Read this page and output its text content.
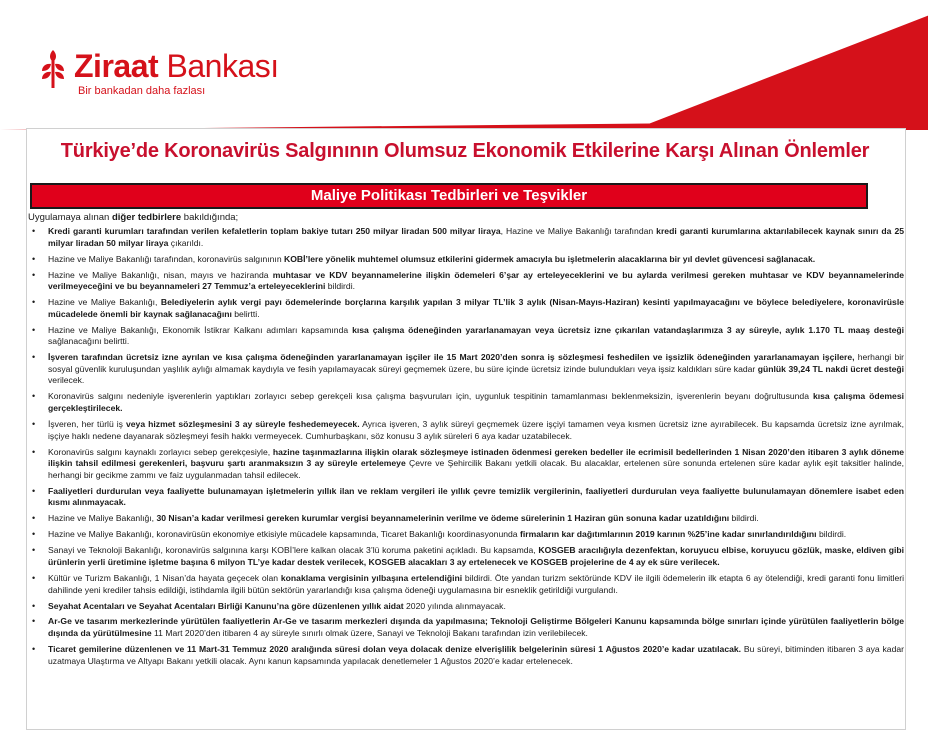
Ziraat Bankası
Bir bankadan daha fazlası
Türkiye’de Koronavirüs Salgınının Olumsuz Ekonomik Etkilerine Karşı Alınan Önlemler
Maliye Politikası Tedbirleri ve Teşvikler
Uygulamaya alınan diğer tedbirlere bakıldığında;
• Kredi garanti kurumları tarafından verilen kefaletlerin toplam bakiye tutarı 250 milyar liradan 500 milyar liraya, Hazine ve Maliye Bakanlığı tarafından kredi garanti kurumlarına aktarılabilecek kaynak sınırı da 25 milyar liradan 50 milyar liraya çıkarıldı.
• Hazine ve Maliye Bakanlığı tarafından, koronavirüs salgınının KOBİ’lere yönelik muhtemel olumsuz etkilerini gidermek amacıyla bu işletmelerin alacaklarına bir yıl devlet güvencesi sağlanacak.
• Hazine ve Maliye Bakanlığı, nisan, mayıs ve haziranda muhtasar ve KDV beyannamelerine ilişkin ödemeleri 6’şar ay erteleyeceklerini ve bu aylarda verilmesi gereken muhtasar ve KDV beyannamelerinde verilmeyeceğini ve bu beyannameleri 27 Temmuz’a erteleyeceklerini bildirdi.
• Hazine ve Maliye Bakanlığı, Belediyelerin aylık vergi payı ödemelerinde borçlarına karşılık yapılan 3 milyar TL’lik 3 aylık (Nisan-Mayıs-Haziran) kesinti yapılmayacağını ve böylece belediyelere, koronavirüsle mücadelede önemli bir kaynak sağlanacağını belirtti.
• Hazine ve Maliye Bakanlığı, Ekonomik İstikrar Kalkanı adımları kapsamında kısa çalışma ödeneğinden yararlanamayan veya ücretsiz izne çıkarılan vatandaşlarımıza 3 ay süreyle, aylık 1.170 TL maaş desteği sağlanacağını belirtti.
• İşveren tarafından ücretsiz izne ayrılan ve kısa çalışma ödeneğinden yararlanamayan işçiler ile 15 Mart 2020’den sonra iş sözleşmesi feshedilen ve işsizlik ödeneğinden yararlanamayan işçilere, herhangi bir sosyal güvenlik kuruluşundan yaşlılık aylığı almamak kaydıyla ve fesih yapılamayacak süreyi geçmemek üzere, bu süre içinde ücretsiz izinde bulundukları veya işsiz kaldıkları süre kadar günlük 39,24 TL nakdi ücret desteği verilecek.
• Koronavirüs salgını nedeniyle işverenlerin yaptıkları zorlayıcı sebep gerekçeli kısa çalışma başvuruları için, uygunluk tespitinin tamamlanması beklenmeksizin, işverenlerin beyanı doğrultusunda kısa çalışma ödemesi gerçekleştirilecek.
• İşveren, her türlü iş veya hizmet sözleşmesini 3 ay süreyle feshedemeyecek. Ayrıca işveren, 3 aylık süreyi geçmemek üzere işçiyi tamamen veya kısmen ücretsiz izne ayırabilecek. Bu kapsamda ücretsiz izne ayrılmak, işçiye haklı nedene dayanarak sözleşmeyi fesih hakkı vermeyecek. Cumhurbaşkanı, söz konusu 3 aylık süreleri 6 aya kadar uzatabilecek.
• Koronavirüs salgını kaynaklı zorlayıcı sebep gerekçesiyle, hazine taşınmazlarına ilişkin olarak sözleşmeye istinaden ödenmesi gereken bedeller ile ecrimisil bedellerinden 1 Nisan 2020’den itibaren 3 aylık döneme ilişkin tahsil edilmesi gerekenleri, başvuru şartı aranmaksızın 3 ay süreyle ertelemeye Çevre ve Şehircilik Bakanı yetkili olacak. Bu alacaklar, ertelenen süre sonunda ertelenen süre kadar aylık eşit taksitler halinde, herhangi bir gecikme zammı ve faiz uygulanmadan tahsil edilecek.
• Faaliyetleri durdurulan veya faaliyette bulunamayan işletmelerin yıllık ilan ve reklam vergileri ile yıllık çevre temizlik vergilerinin, faaliyetleri durdurulan veya faaliyette bulunulamayan dönemlere isabet eden kısmı alınmayacak.
• Hazine ve Maliye Bakanlığı, 30 Nisan’a kadar verilmesi gereken kurumlar vergisi beyannamelerinin verilme ve ödeme sürelerinin 1 Haziran gün sonuna kadar uzatıldığını bildirdi.
• Hazine ve Maliye Bakanlığı, koronavirüsün ekonomiye etkisiyle mücadele kapsamında, Ticaret Bakanlığı koordinasyonunda firmaların kar dağıtımlarının 2019 karının %25’ine kadar sınırlandırıldığını bildirdi.
• Sanayi ve Teknoloji Bakanlığı, koronavirüs salgınına karşı KOBİ’lere kalkan olacak 3’lü koruma paketini açıkladı. Bu kapsamda, KOSGEB aracılığıyla dezenfektan, koruyucu elbise, koruyucu gözlük, maske, eldiven gibi ürünlerin yerli üretimine işletme başına 6 milyon TL’ye kadar destek verilecek, KOSGEB alacakları 3 ay ertelenecek ve KOSGEB projelerine de 4 ay ek süre verilecek.
• Kültür ve Turizm Bakanlığı, 1 Nisan’da hayata geçecek olan konaklama vergisinin yılbaşına ertelendiğini bildirdi. Öte yandan turizm sektöründe KDV ile ilgili ödemelerin ilk etapta 6 ay ötelendiği, kredi garanti fonu limitleri dahilinde yeni krediler tahsis edildiği, istihdamla ilgili bütün sektörün yararlandığı kısa çalışma ödeneği uygulamasına bir esneklik getirildiği vurgulandı.
• Seyahat Acentaları ve Seyahat Acentaları Birliği Kanunu’na göre düzenlenen yıllık aidat 2020 yılında alınmayacak.
• Ar-Ge ve tasarım merkezlerinde yürütülen faaliyetlerin Ar-Ge ve tasarım merkezleri dışında da yapılmasına; Teknoloji Geliştirme Bölgeleri Kanunu kapsamında bölge sınırları içinde yürütülen faaliyetlerin bölge dışında da yürütülmesine 11 Mart 2020’den itibaren 4 ay süreyle sınırlı olmak üzere, Sanayi ve Teknoloji Bakanı tarafından izin verilebilecek.
• Ticaret gemilerine düzenlenen ve 11 Mart-31 Temmuz 2020 aralığında süresi dolan veya dolacak denize elverişlilik belgelerinin süresi 1 Ağustos 2020’e kadar uzatılacak. Bu süreyi, bitiminden itibaren 3 aya kadar uzatmaya Ulaştırma ve Altyapı Bakanı yetkili olacak. Aynı kanun kapsamında yapılacak denetlemeler 1 Ağustos 2020’e kadar ertelenecek.
